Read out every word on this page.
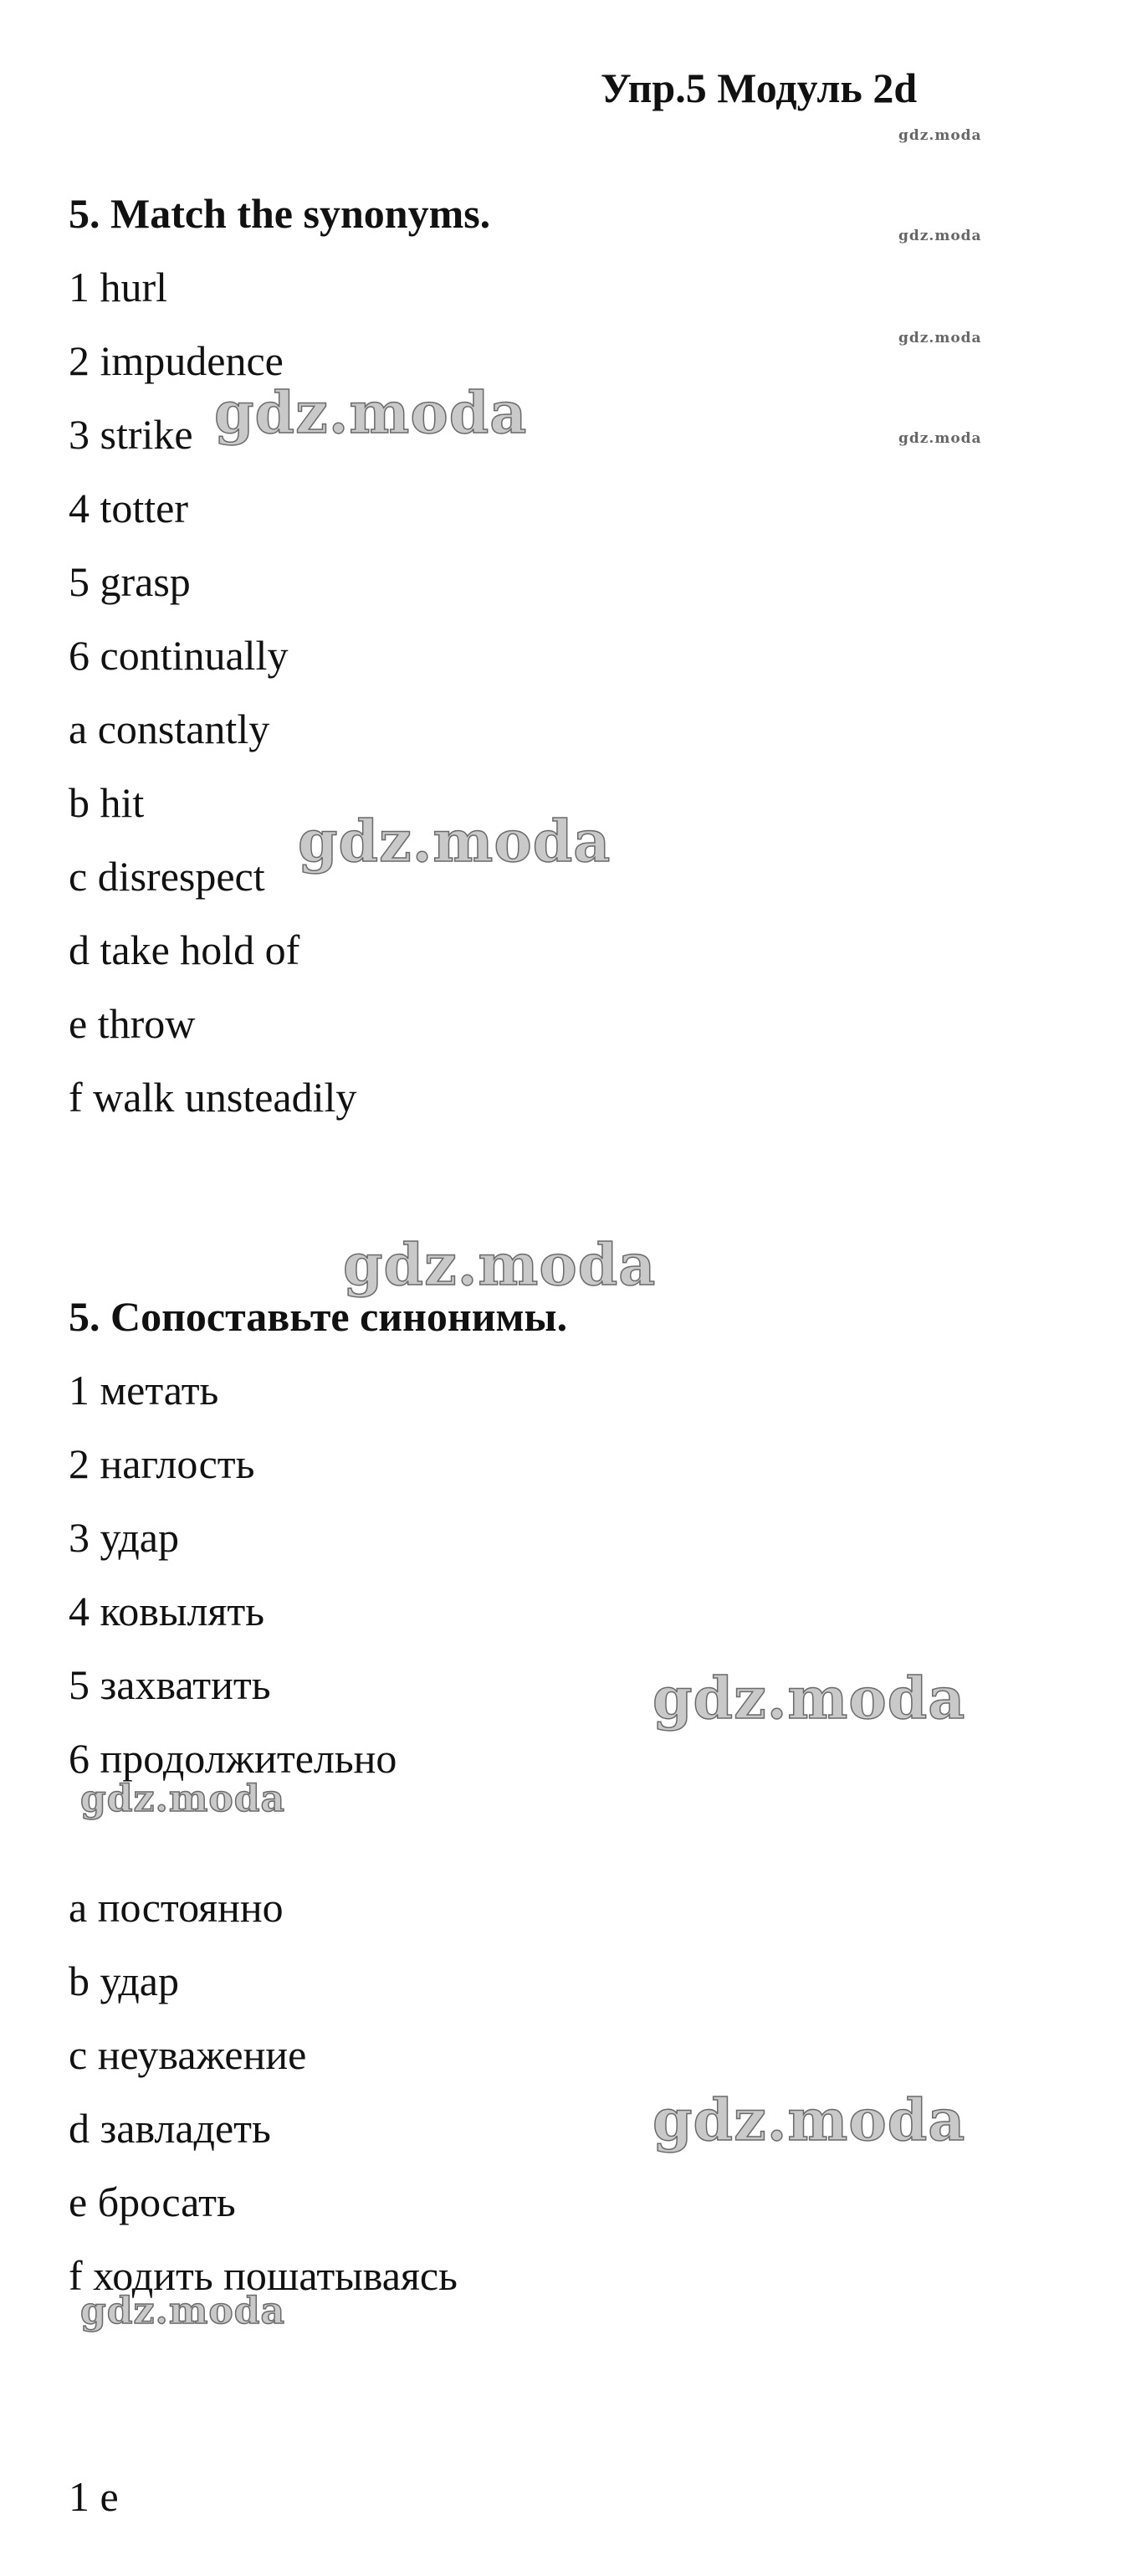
Упр.5 Модуль 2d
5. Match the synonyms.
1 hurl
2 impudence
3 strike
4 totter
5 grasp
6 continually
a constantly
b hit
c disrespect
d take hold of
e throw
f walk unsteadily
5. Сопоставьте синонимы.
1 метать
2 наглость
3 удар
4 ковылять
5 захватить
6 продолжительно
a постоянно
b удар
c неуважение
d завладеть
e бросать
f ходить пошатываясь
1 e
gdz.moda
gdz.moda
gdz.moda
gdz.moda
gdz.moda
gdz.moda
gdz.moda
gdz.moda
gdz.moda
gdz.moda
gdz.moda
